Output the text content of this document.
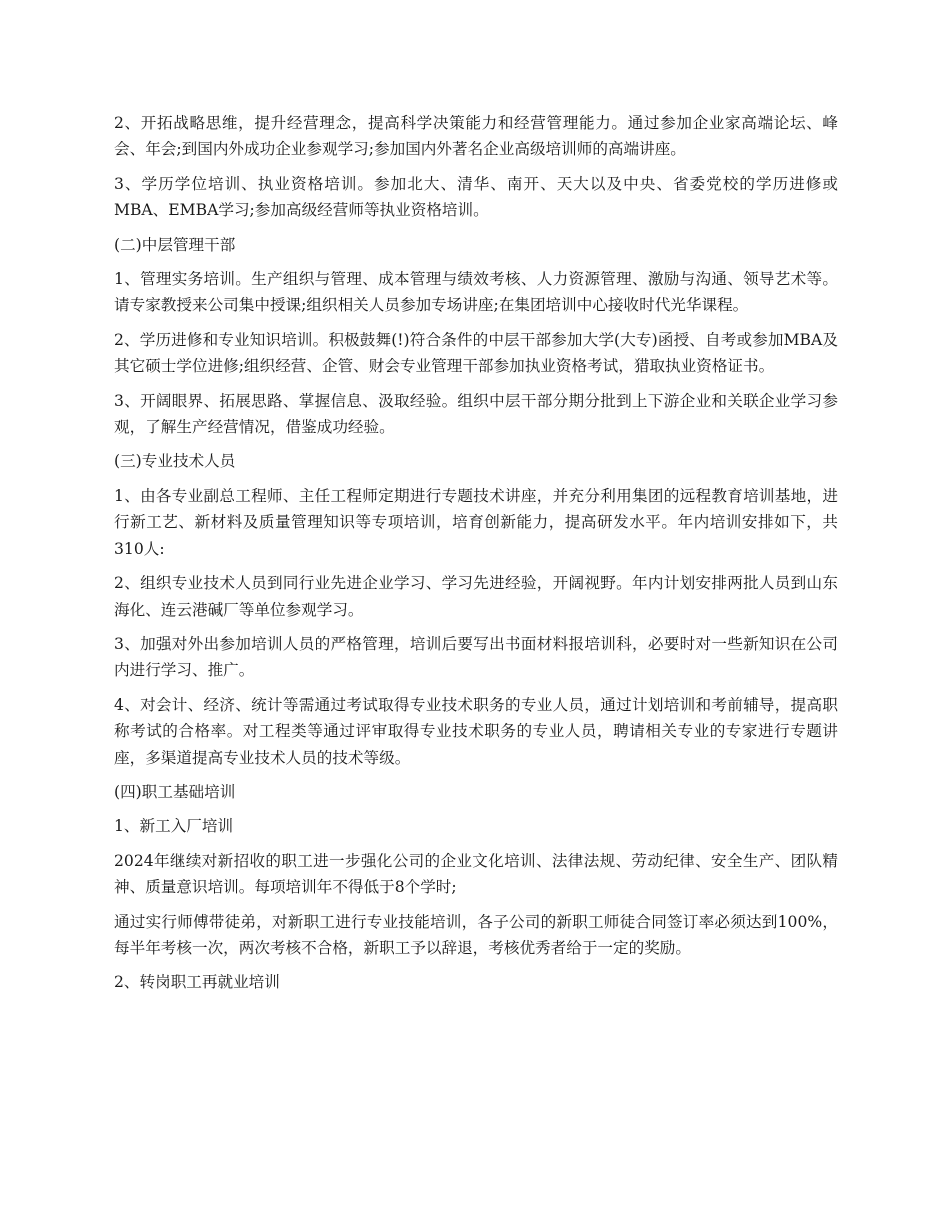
2、开拓战略思维，提升经营理念，提高科学决策能力和经营管理能力。通过参加企业家高端论坛、峰会、年会;到国内外成功企业参观学习;参加国内外著名企业高级培训师的高端讲座。

3、学历学位培训、执业资格培训。参加北大、清华、南开、天大以及中央、省委党校的学历进修或MBA、EMBA学习;参加高级经营师等执业资格培训。

(二)中层管理干部

1、管理实务培训。生产组织与管理、成本管理与绩效考核、人力资源管理、激励与沟通、领导艺术等。请专家教授来公司集中授课;组织相关人员参加专场讲座;在集团培训中心接收时代光华课程。

2、学历进修和专业知识培训。积极鼓舞(!)符合条件的中层干部参加大学(大专)函授、自考或参加MBA及其它硕士学位进修;组织经营、企管、财会专业管理干部参加执业资格考试，猎取执业资格证书。

3、开阔眼界、拓展思路、掌握信息、汲取经验。组织中层干部分期分批到上下游企业和关联企业学习参观，了解生产经营情况，借鉴成功经验。

(三)专业技术人员

1、由各专业副总工程师、主任工程师定期进行专题技术讲座，并充分利用集团的远程教育培训基地，进行新工艺、新材料及质量管理知识等专项培训，培育创新能力，提高研发水平。年内培训安排如下，共310人:

2、组织专业技术人员到同行业先进企业学习、学习先进经验，开阔视野。年内计划安排两批人员到山东海化、连云港碱厂等单位参观学习。

3、加强对外出参加培训人员的严格管理，培训后要写出书面材料报培训科，必要时对一些新知识在公司内进行学习、推广。

4、对会计、经济、统计等需通过考试取得专业技术职务的专业人员，通过计划培训和考前辅导，提高职称考试的合格率。对工程类等通过评审取得专业技术职务的专业人员，聘请相关专业的专家进行专题讲座，多渠道提高专业技术人员的技术等级。

(四)职工基础培训

1、新工入厂培训

2024年继续对新招收的职工进一步强化公司的企业文化培训、法律法规、劳动纪律、安全生产、团队精神、质量意识培训。每项培训年不得低于8个学时;

通过实行师傅带徒弟，对新职工进行专业技能培训，各子公司的新职工师徒合同签订率必须达到100%，每半年考核一次，两次考核不合格，新职工予以辞退，考核优秀者给于一定的奖励。

2、转岗职工再就业培训
